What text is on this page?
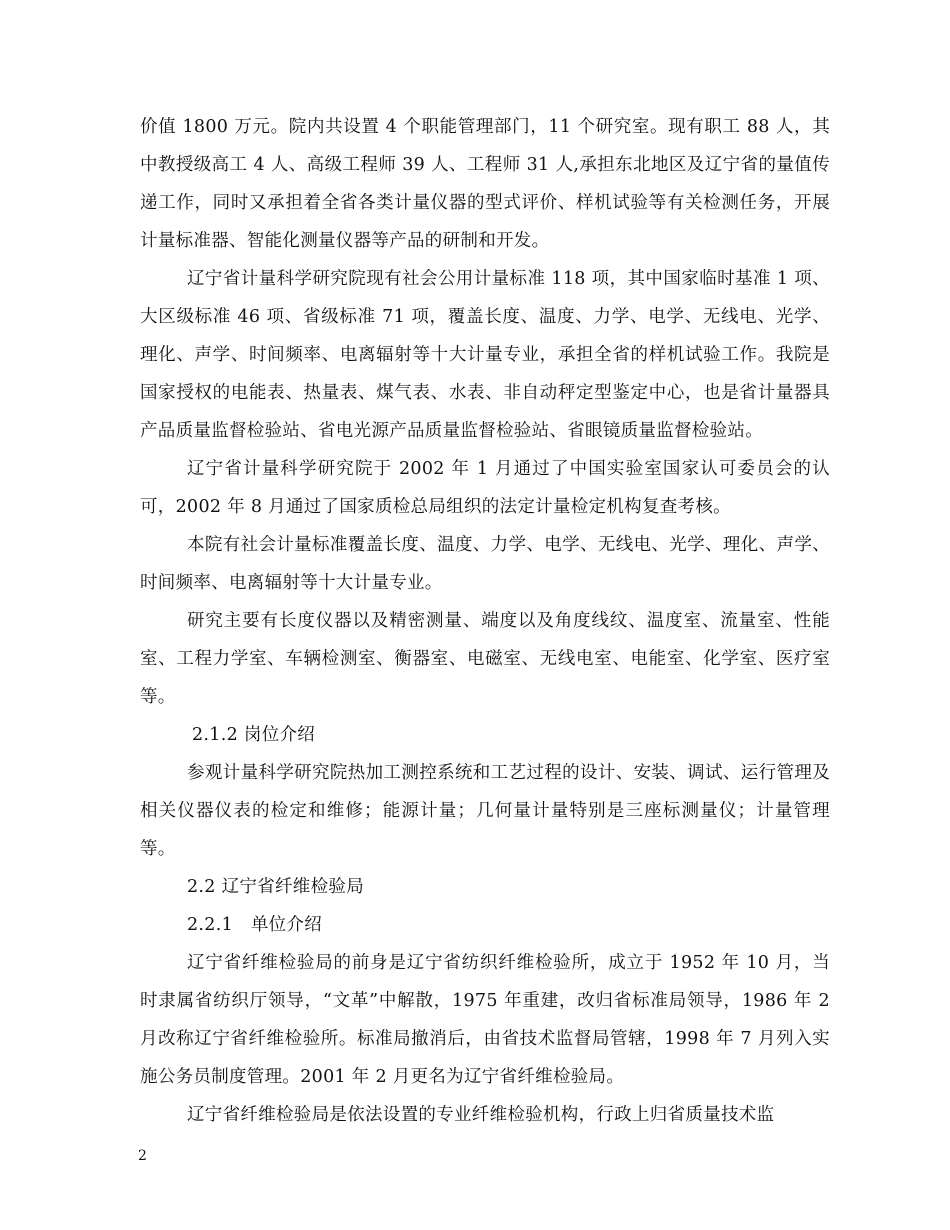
价值 1800 万元。院内共设置 4 个职能管理部门，11 个研究室。现有职工 88 人，其中教授级高工 4 人、高级工程师 39 人、工程师 31 人,承担东北地区及辽宁省的量值传递工作，同时又承担着全省各类计量仪器的型式评价、样机试验等有关检测任务，开展计量标准器、智能化测量仪器等产品的研制和开发。

辽宁省计量科学研究院现有社会公用计量标准 118 项，其中国家临时基准 1 项、大区级标准 46 项、省级标准 71 项，覆盖长度、温度、力学、电学、无线电、光学、理化、声学、时间频率、电离辐射等十大计量专业，承担全省的样机试验工作。我院是国家授权的电能表、热量表、煤气表、水表、非自动秤定型鉴定中心，也是省计量器具产品质量监督检验站、省电光源产品质量监督检验站、省眼镜质量监督检验站。

辽宁省计量科学研究院于 2002 年 1 月通过了中国实验室国家认可委员会的认可，2002 年 8 月通过了国家质检总局组织的法定计量检定机构复查考核。

本院有社会计量标准覆盖长度、温度、力学、电学、无线电、光学、理化、声学、时间频率、电离辐射等十大计量专业。

研究主要有长度仪器以及精密测量、端度以及角度线纹、温度室、流量室、性能室、工程力学室、车辆检测室、衡器室、电磁室、无线电室、电能室、化学室、医疗室等。

2.1.2 岗位介绍

参观计量科学研究院热加工测控系统和工艺过程的设计、安装、调试、运行管理及相关仪器仪表的检定和维修；能源计量；几何量计量特别是三座标测量仪；计量管理等。

2.2 辽宁省纤维检验局

2.2.1　单位介绍

辽宁省纤维检验局的前身是辽宁省纺织纤维检验所，成立于 1952 年 10 月，当时隶属省纺织厅领导，“文革”中解散，1975 年重建，改归省标准局领导，1986 年 2 月改称辽宁省纤维检验所。标准局撤消后，由省技术监督局管辖，1998 年 7 月列入实施公务员制度管理。2001 年 2 月更名为辽宁省纤维检验局。

辽宁省纤维检验局是依法设置的专业纤维检验机构，行政上归省质量技术监

2
